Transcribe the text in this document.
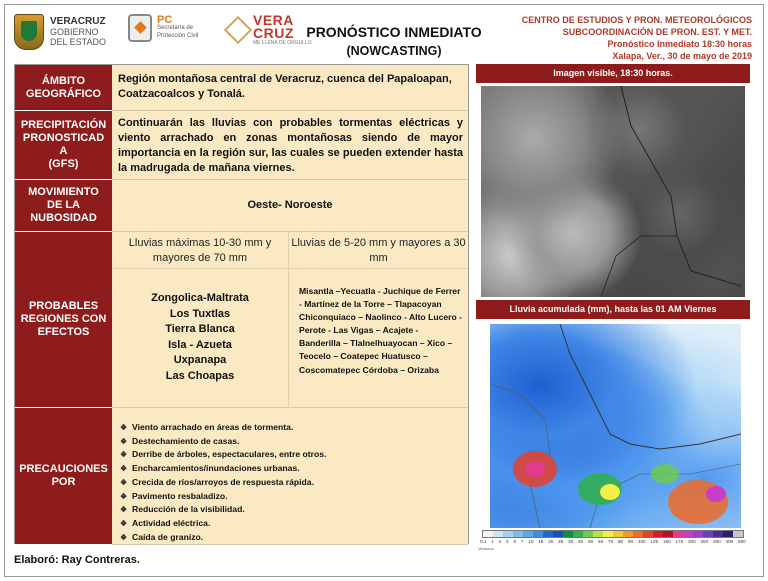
VERACRUZ
GOBIERNO
DEL ESTADO
PC
Secretaría de
Protección Civil
VERA
CRUZ
ME LLENA DE ORGULLO
PRONÓSTICO INMEDIATO
(NOWCASTING)
CENTRO DE ESTUDIOS Y PRON. METEOROLÓGICOS
SUBCOORDINACIÓN DE PRON. EST. Y MET.
Pronóstico Inmediato 18:30 horas
Xalapa, Ver., 30 de mayo de 2019
ÁMBITO
GEOGRÁFICO
Región montañosa central de Veracruz, cuenca del Papaloapan, Coatzacoalcos y Tonalá.
PRECIPITACIÓN
PRONOSTICAD
A
(GFS)
Continuarán las lluvias con probables tormentas eléctricas y viento arrachado en zonas montañosas siendo de mayor importancia en la región sur, las cuales se pueden extender hasta la madrugada de mañana viernes.
MOVIMIENTO
DE LA
NUBOSIDAD
Oeste- Noroeste
PROBABLES
REGIONES CON
EFECTOS
Lluvias máximas 10-30 mm y mayores de 70 mm
Zongolica-Maltrata
Los Tuxtlas
Tierra Blanca
Isla - Azueta
Uxpanapa
Las Choapas
Lluvias de 5-20 mm y mayores a 30 mm
Misantla –Yecuatla - Juchique de Ferrer - Martínez de la Torre – Tlapacoyan Chiconquiaco – Naolinco - Alto Lucero - Perote - Las Vigas – Acajete - Banderilla – Tlalnelhuayocan – Xico – Teocelo – Coatepec Huatusco – Coscomatepec Córdoba – Orizaba
PRECAUCIONES
POR
❖ Viento arrachado en áreas de tormenta.
❖ Destechamiento de casas.
❖ Derribe de árboles, espectaculares, entre otros.
❖ Encharcamientos/inundaciones urbanas.
❖ Crecida de ríos/arroyos de respuesta rápida.
❖ Pavimento resbaladizo.
❖ Reducción de la visibilidad.
❖ Actividad eléctrica.
❖ Caída de granizo.
Elaboró: Ray Contreras.
Imagen visible, 18:30 horas.
Lluvia acumulada (mm), hasta las 01 AM Viernes
0.1 1 2 3 5 7 10 15 20 25 30 40 50 60 70 80 90 100 125 150 175 200 250 300 400 500
Veracruz
